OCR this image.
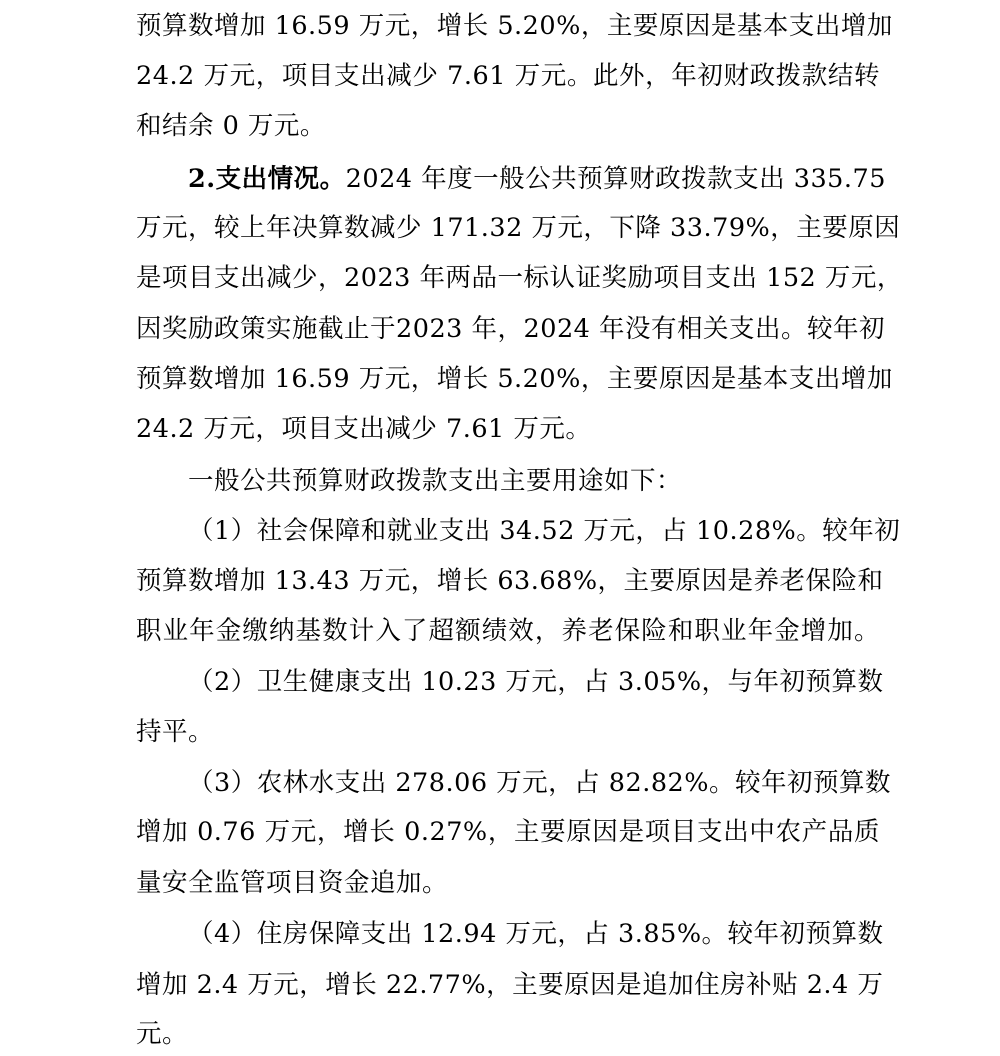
预算数增加 16.59 万元，增长 5.20%，主要原因是基本支出增加
24.2 万元，项目支出减少 7.61 万元。此外，年初财政拨款结转
和结余 0 万元。
2.支出情况。2024 年度一般公共预算财政拨款支出 335.75
万元，较上年决算数减少 171.32 万元，下降 33.79%，主要原因
是项目支出减少，2023 年两品一标认证奖励项目支出 152 万元，
因奖励政策实施截止于2023 年，2024 年没有相关支出。较年初
预算数增加 16.59 万元，增长 5.20%，主要原因是基本支出增加
24.2 万元，项目支出减少 7.61 万元。
一般公共预算财政拨款支出主要用途如下：
（1）社会保障和就业支出 34.52 万元，占 10.28%。较年初
预算数增加 13.43 万元，增长 63.68%，主要原因是养老保险和
职业年金缴纳基数计入了超额绩效，养老保险和职业年金增加。
（2）卫生健康支出 10.23 万元，占 3.05%，与年初预算数
持平。
（3）农林水支出 278.06 万元，占 82.82%。较年初预算数
增加 0.76 万元，增长 0.27%，主要原因是项目支出中农产品质
量安全监管项目资金追加。
（4）住房保障支出 12.94 万元，占 3.85%。较年初预算数
增加 2.4 万元，增长 22.77%，主要原因是追加住房补贴 2.4 万
元。
